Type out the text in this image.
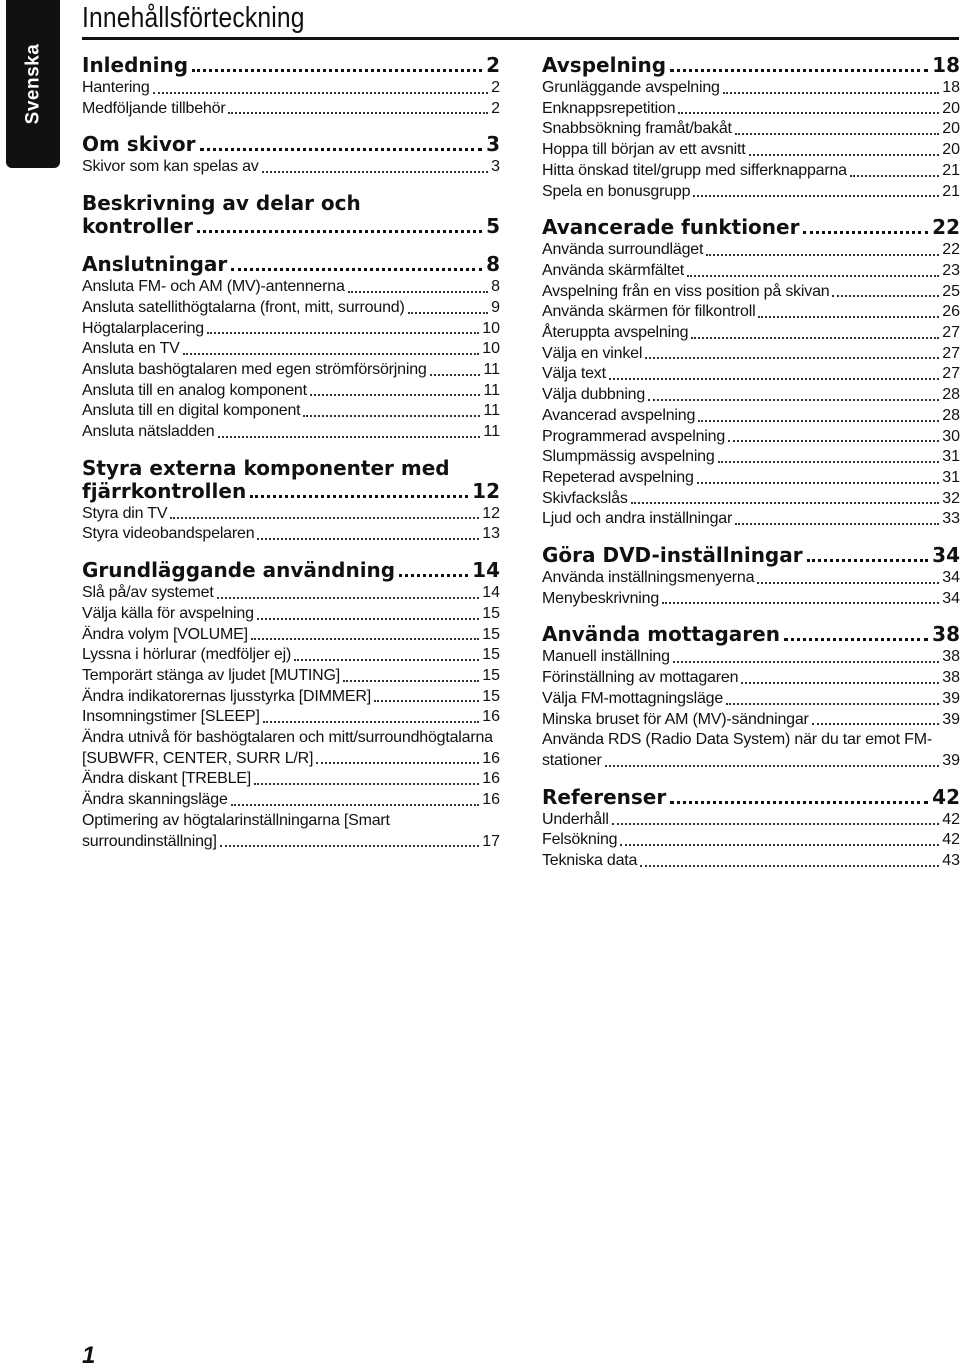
Svenska
Innehållsförteckning
Inledning	2
Hantering	2
Medföljande tillbehör	2
Om skivor	3
Skivor som kan spelas av	3
Beskrivning av delar och
kontroller	5
Anslutningar	8
Ansluta FM- och AM (MV)-antennerna	8
Ansluta satellithögtalarna (front, mitt, surround)	9
Högtalarplacering	10
Ansluta en TV	10
Ansluta bashögtalaren med egen strömförsörjning	11
Ansluta till en analog komponent	11
Ansluta till en digital komponent	11
Ansluta nätsladden	11
Styra externa komponenter med
fjärrkontrollen	12
Styra din TV	12
Styra videobandspelaren	13
Grundläggande användning	14
Slå på/av systemet	14
Välja källa för avspelning	15
Ändra volym [VOLUME]	15
Lyssna i hörlurar (medföljer ej)	15
Temporärt stänga av ljudet [MUTING]	15
Ändra indikatorernas ljusstyrka [DIMMER]	15
Insomningstimer [SLEEP]	16
Ändra utnivå för bashögtalaren och mitt/surroundhögtalarna
[SUBWFR, CENTER, SURR L/R]	16
Ändra diskant [TREBLE]	16
Ändra skanningsläge	16
Optimering av högtalarinställningarna [Smart
surroundinställning]	17
Avspelning	18
Grunläggande avspelning	18
Enknappsrepetition	20
Snabbsökning framåt/bakåt	20
Hoppa till början av ett avsnitt	20
Hitta önskad titel/grupp med sifferknapparna	21
Spela en bonusgrupp	21
Avancerade funktioner	22
Använda surroundläget	22
Använda skärmfältet	23
Avspelning från en viss position på skivan	25
Använda skärmen för filkontroll	26
Återuppta avspelning	27
Välja en vinkel	27
Välja text	27
Välja dubbning	28
Avancerad avspelning	28
Programmerad avspelning	30
Slumpmässig avspelning	31
Repeterad avspelning	31
Skivfackslås	32
Ljud och andra inställningar	33
Göra DVD-inställningar	34
Använda inställningsmenyerna	34
Menybeskrivning	34
Använda mottagaren	38
Manuell inställning	38
Förinställning av mottagaren	38
Välja FM-mottagningsläge	39
Minska bruset för AM (MV)-sändningar	39
Använda RDS (Radio Data System) när du tar emot FM-
stationer	39
Referenser	42
Underhåll	42
Felsökning	42
Tekniska data	43
1
